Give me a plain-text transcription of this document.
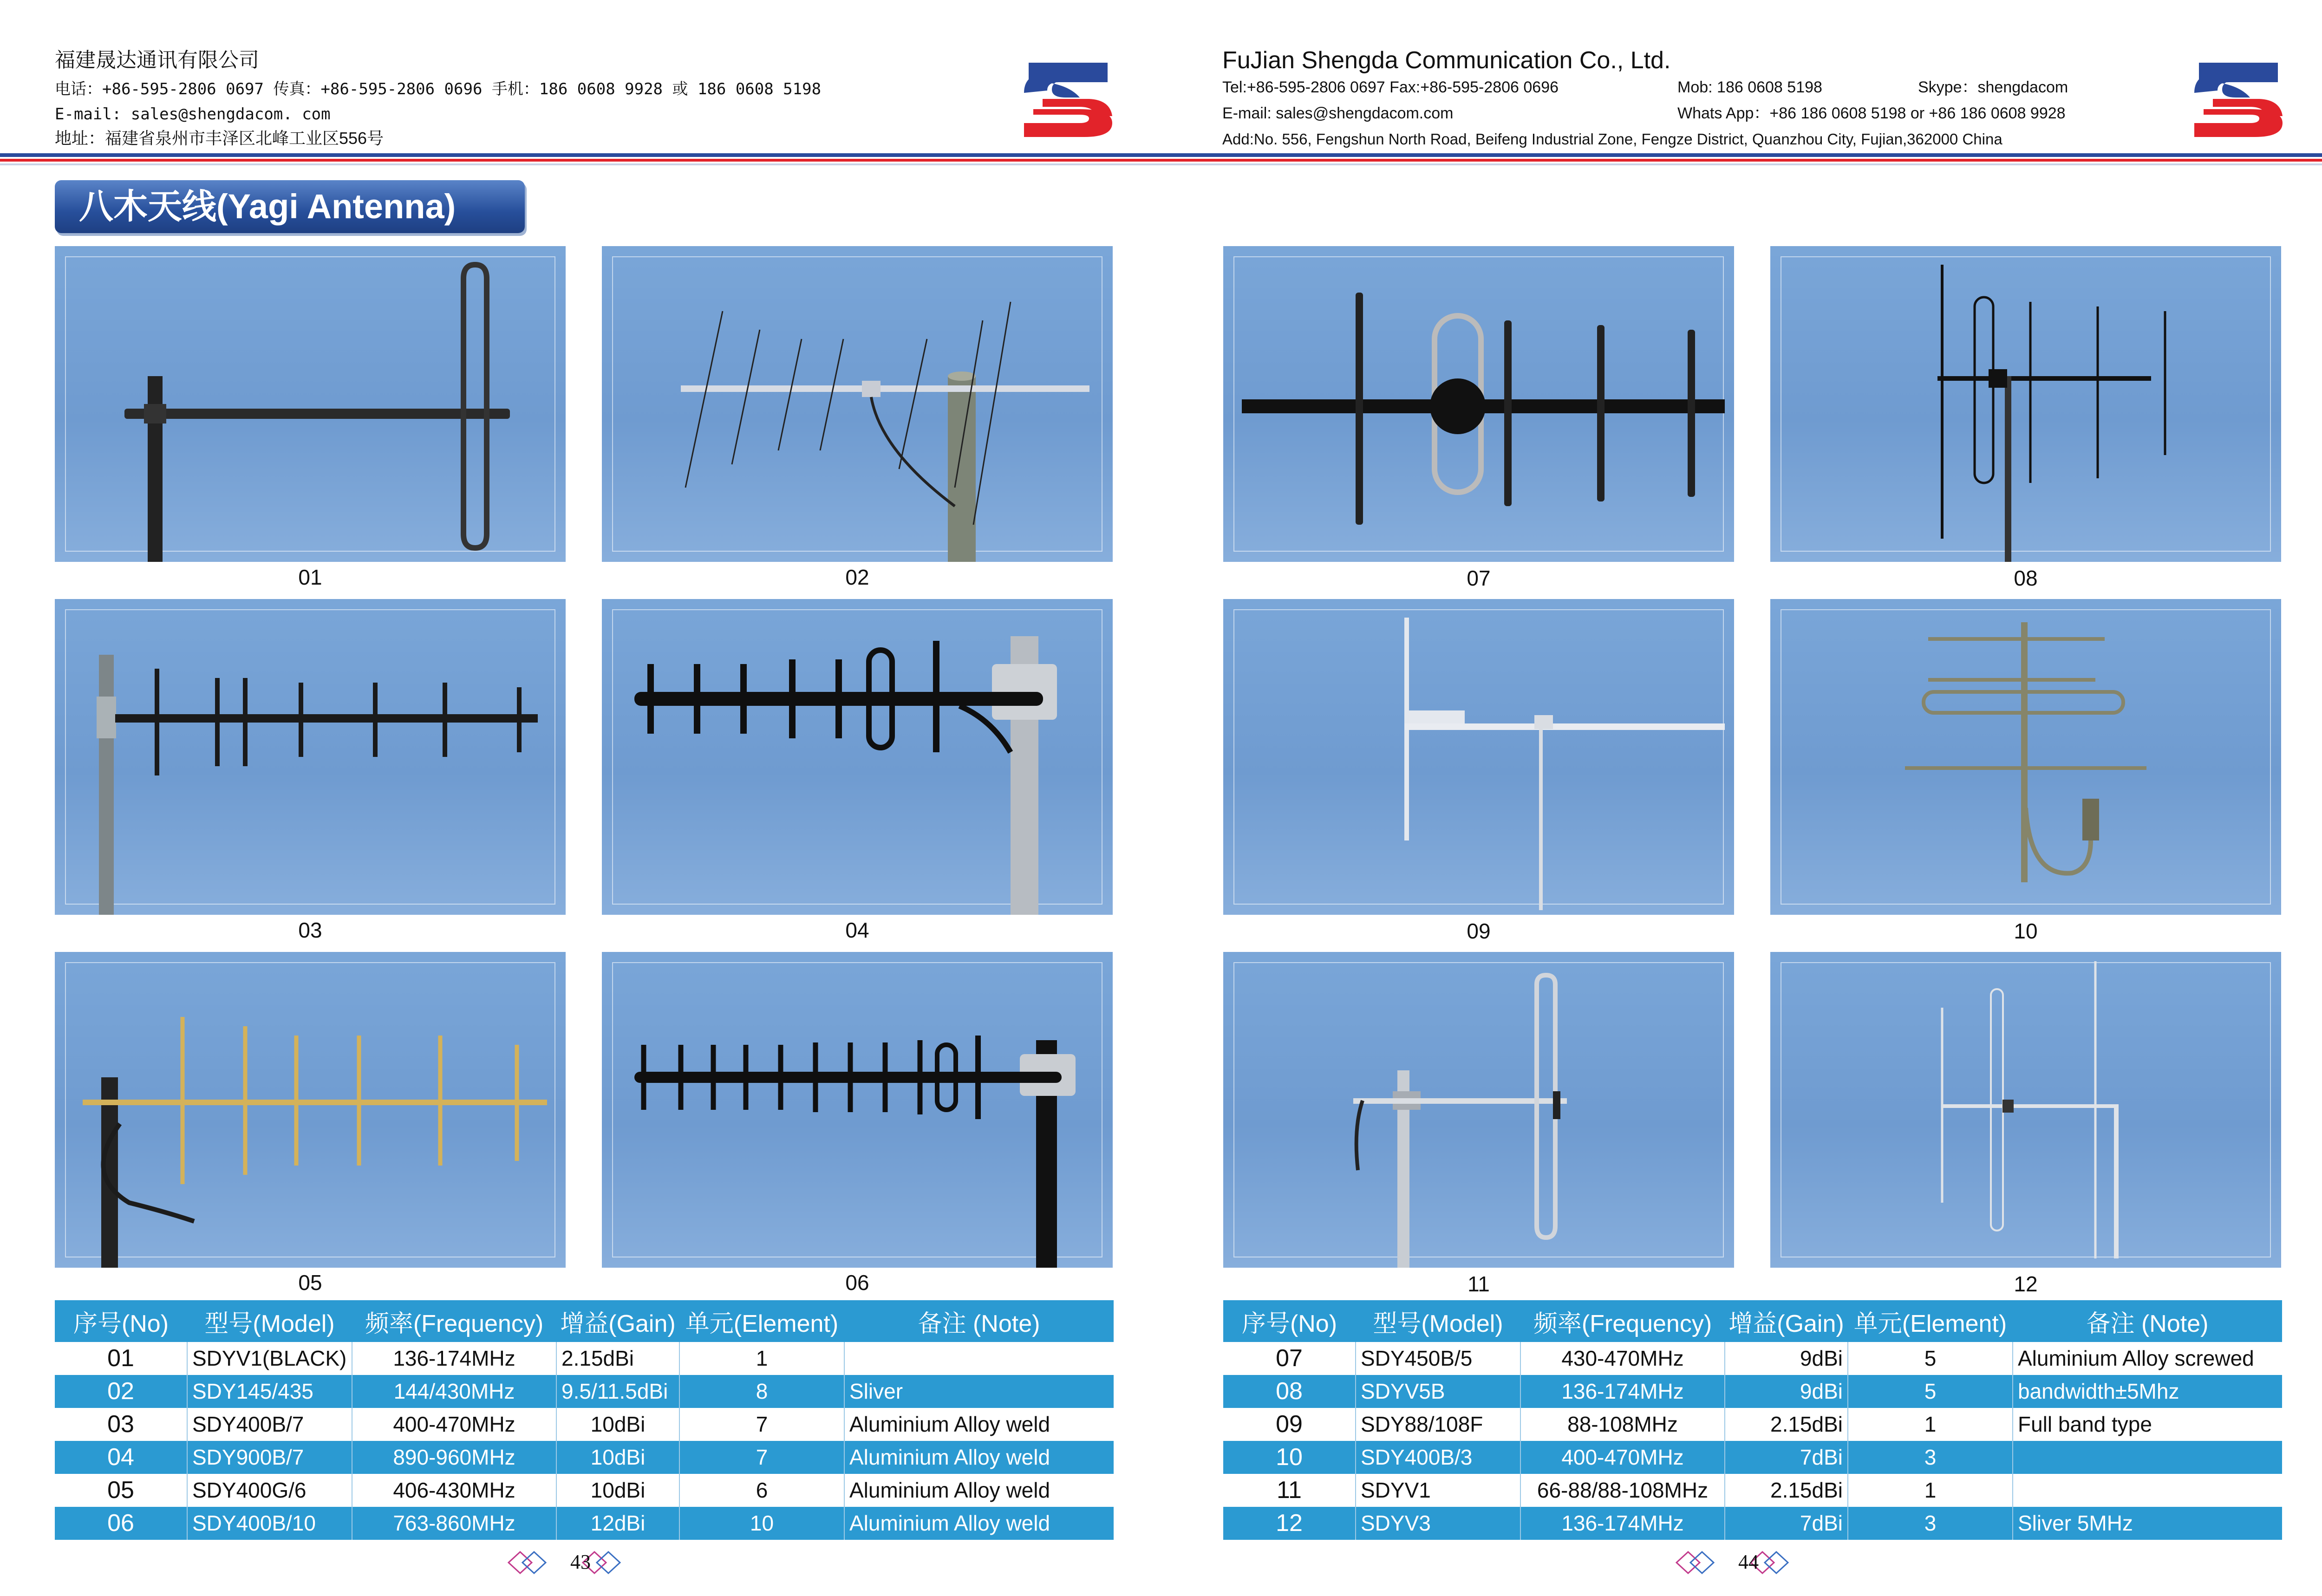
福建晟达通讯有限公司
电话：+86-595-2806 0697 传真：+86-595-2806 0696 手机：186 0608 9928 或 186 0608 5198
E-mail: sales@shengdacom. com
地址：福建省泉州市丰泽区北峰工业区556号
FuJian Shengda Communication Co., Ltd.
Tel:+86-595-2806 0697 Fax:+86-595-2806 0696	Mob: 186 0608 5198	Skype：shengdacom
E-mail: sales@shengdacom.com	Whats App：+86 186 0608 5198 or +86 186 0608 9928
Add:No. 556, Fengshun North Road, Beifeng Industrial Zone, Fengze District, Quanzhou City, Fujian,362000 China
八木天线(Yagi Antenna)
01	02	07	08
03	04	09	10
05	06	11	12
序号(No)	型号(Model)	频率(Frequency)	增益(Gain)	单元(Element)	备注 (Note)
01	SDYV1(BLACK)	136-174MHz	2.15dBi	1	
02	SDY145/435	144/430MHz	9.5/11.5dBi	8	Sliver
03	SDY400B/7	400-470MHz	10dBi	7	Aluminium Alloy weld
04	SDY900B/7	890-960MHz	10dBi	7	Aluminium Alloy weld
05	SDY400G/6	406-430MHz	10dBi	6	Aluminium Alloy weld
06	SDY400B/10	763-860MHz	12dBi	10	Aluminium Alloy weld
序号(No)	型号(Model)	频率(Frequency)	增益(Gain)	单元(Element)	备注 (Note)
07	SDY450B/5	430-470MHz	9dBi	5	Aluminium Alloy screwed
08	SDYV5B	136-174MHz	9dBi	5	bandwidth±5Mhz
09	SDY88/108F	88-108MHz	2.15dBi	1	Full band type
10	SDY400B/3	400-470MHz	7dBi	3	
11	SDYV1	66-88/88-108MHz	2.15dBi	1	
12	SDYV3	136-174MHz	7dBi	3	Sliver 5MHz
43	44
